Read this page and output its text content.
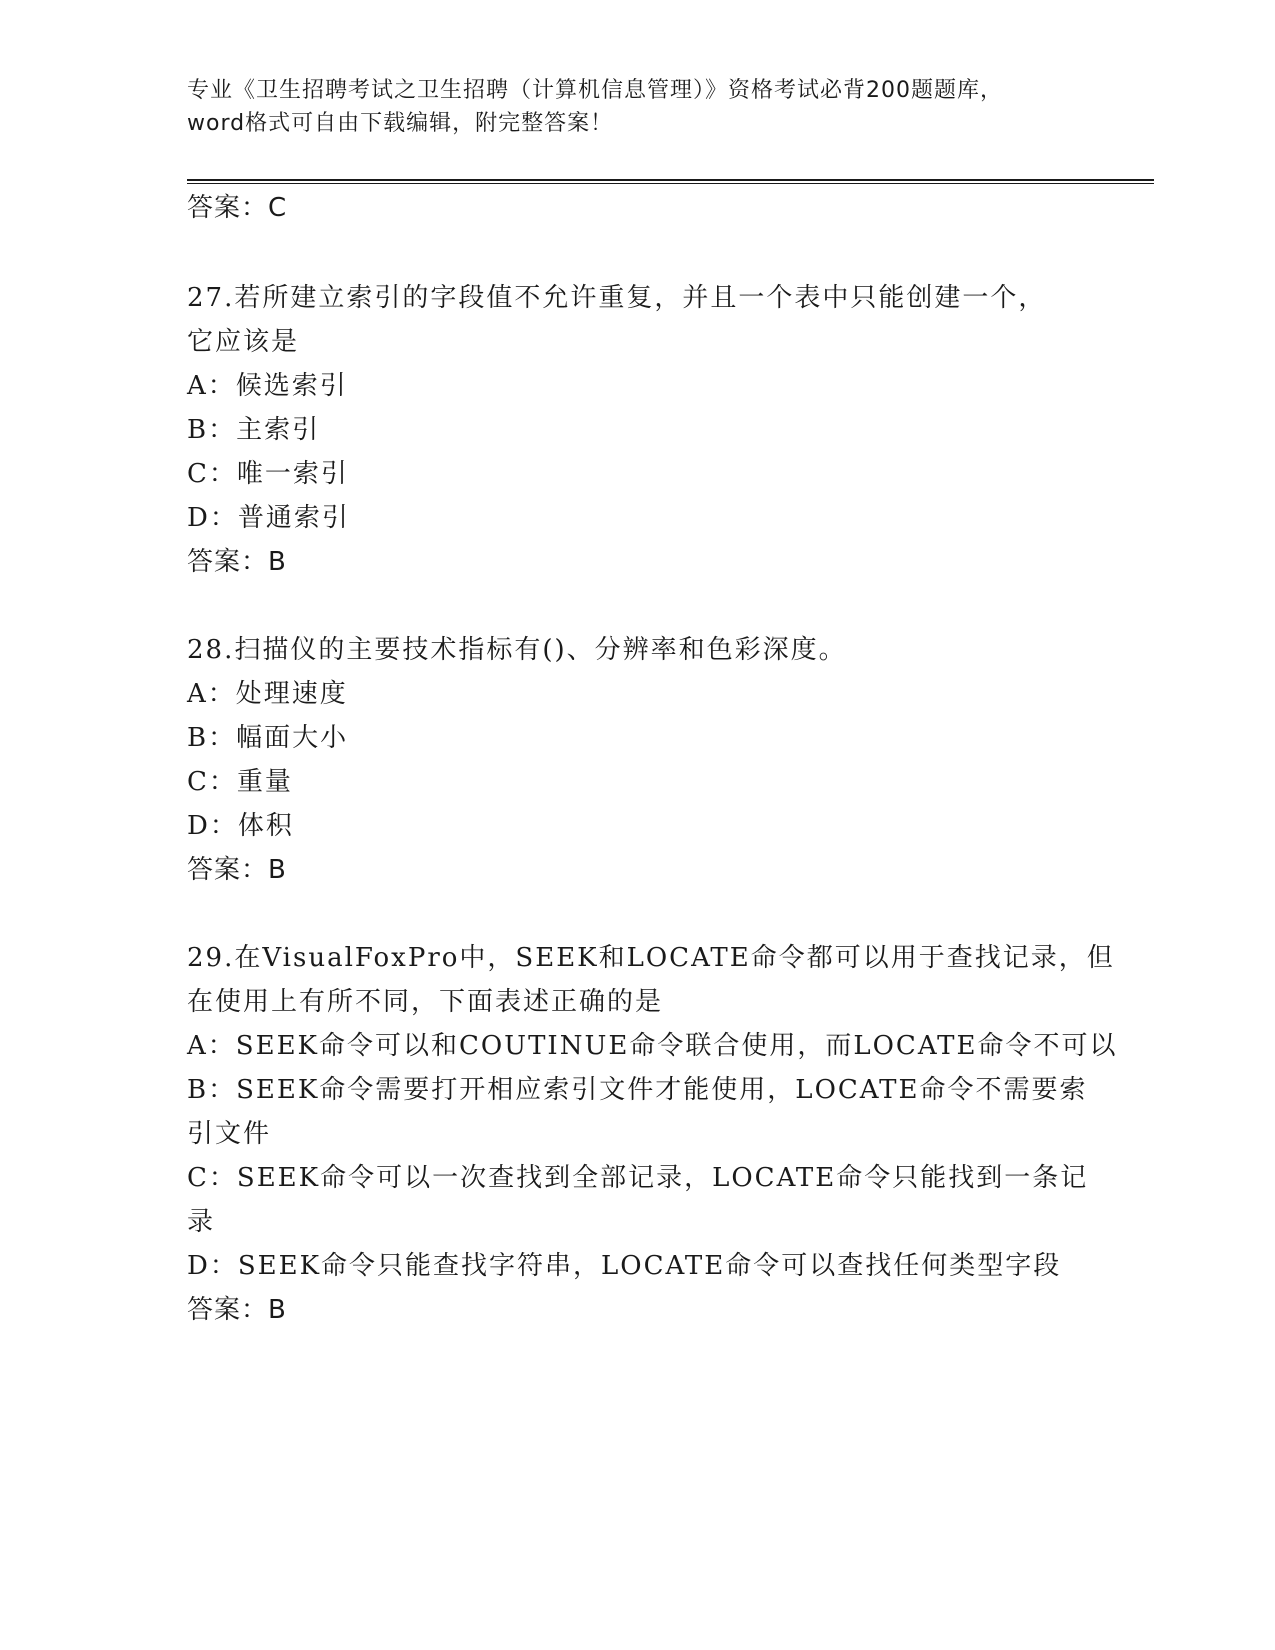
专业《卫生招聘考试之卫生招聘（计算机信息管理）》资格考试必背200题题库，
word格式可自由下载编辑，附完整答案！
答案：C
27.若所建立索引的字段值不允许重复，并且一个表中只能创建一个，
它应该是
A：候选索引
B：主索引
C：唯一索引
D：普通索引
答案：B
28.扫描仪的主要技术指标有()、分辨率和色彩深度。
A：处理速度
B：幅面大小
C：重量
D：体积
答案：B
29.在VisualFoxPro中，SEEK和LOCATE命令都可以用于查找记录，但
在使用上有所不同，下面表述正确的是
A：SEEK命令可以和COUTINUE命令联合使用，而LOCATE命令不可以
B：SEEK命令需要打开相应索引文件才能使用，LOCATE命令不需要索
引文件
C：SEEK命令可以一次查找到全部记录，LOCATE命令只能找到一条记
录
D：SEEK命令只能查找字符串，LOCATE命令可以查找任何类型字段
答案：B
